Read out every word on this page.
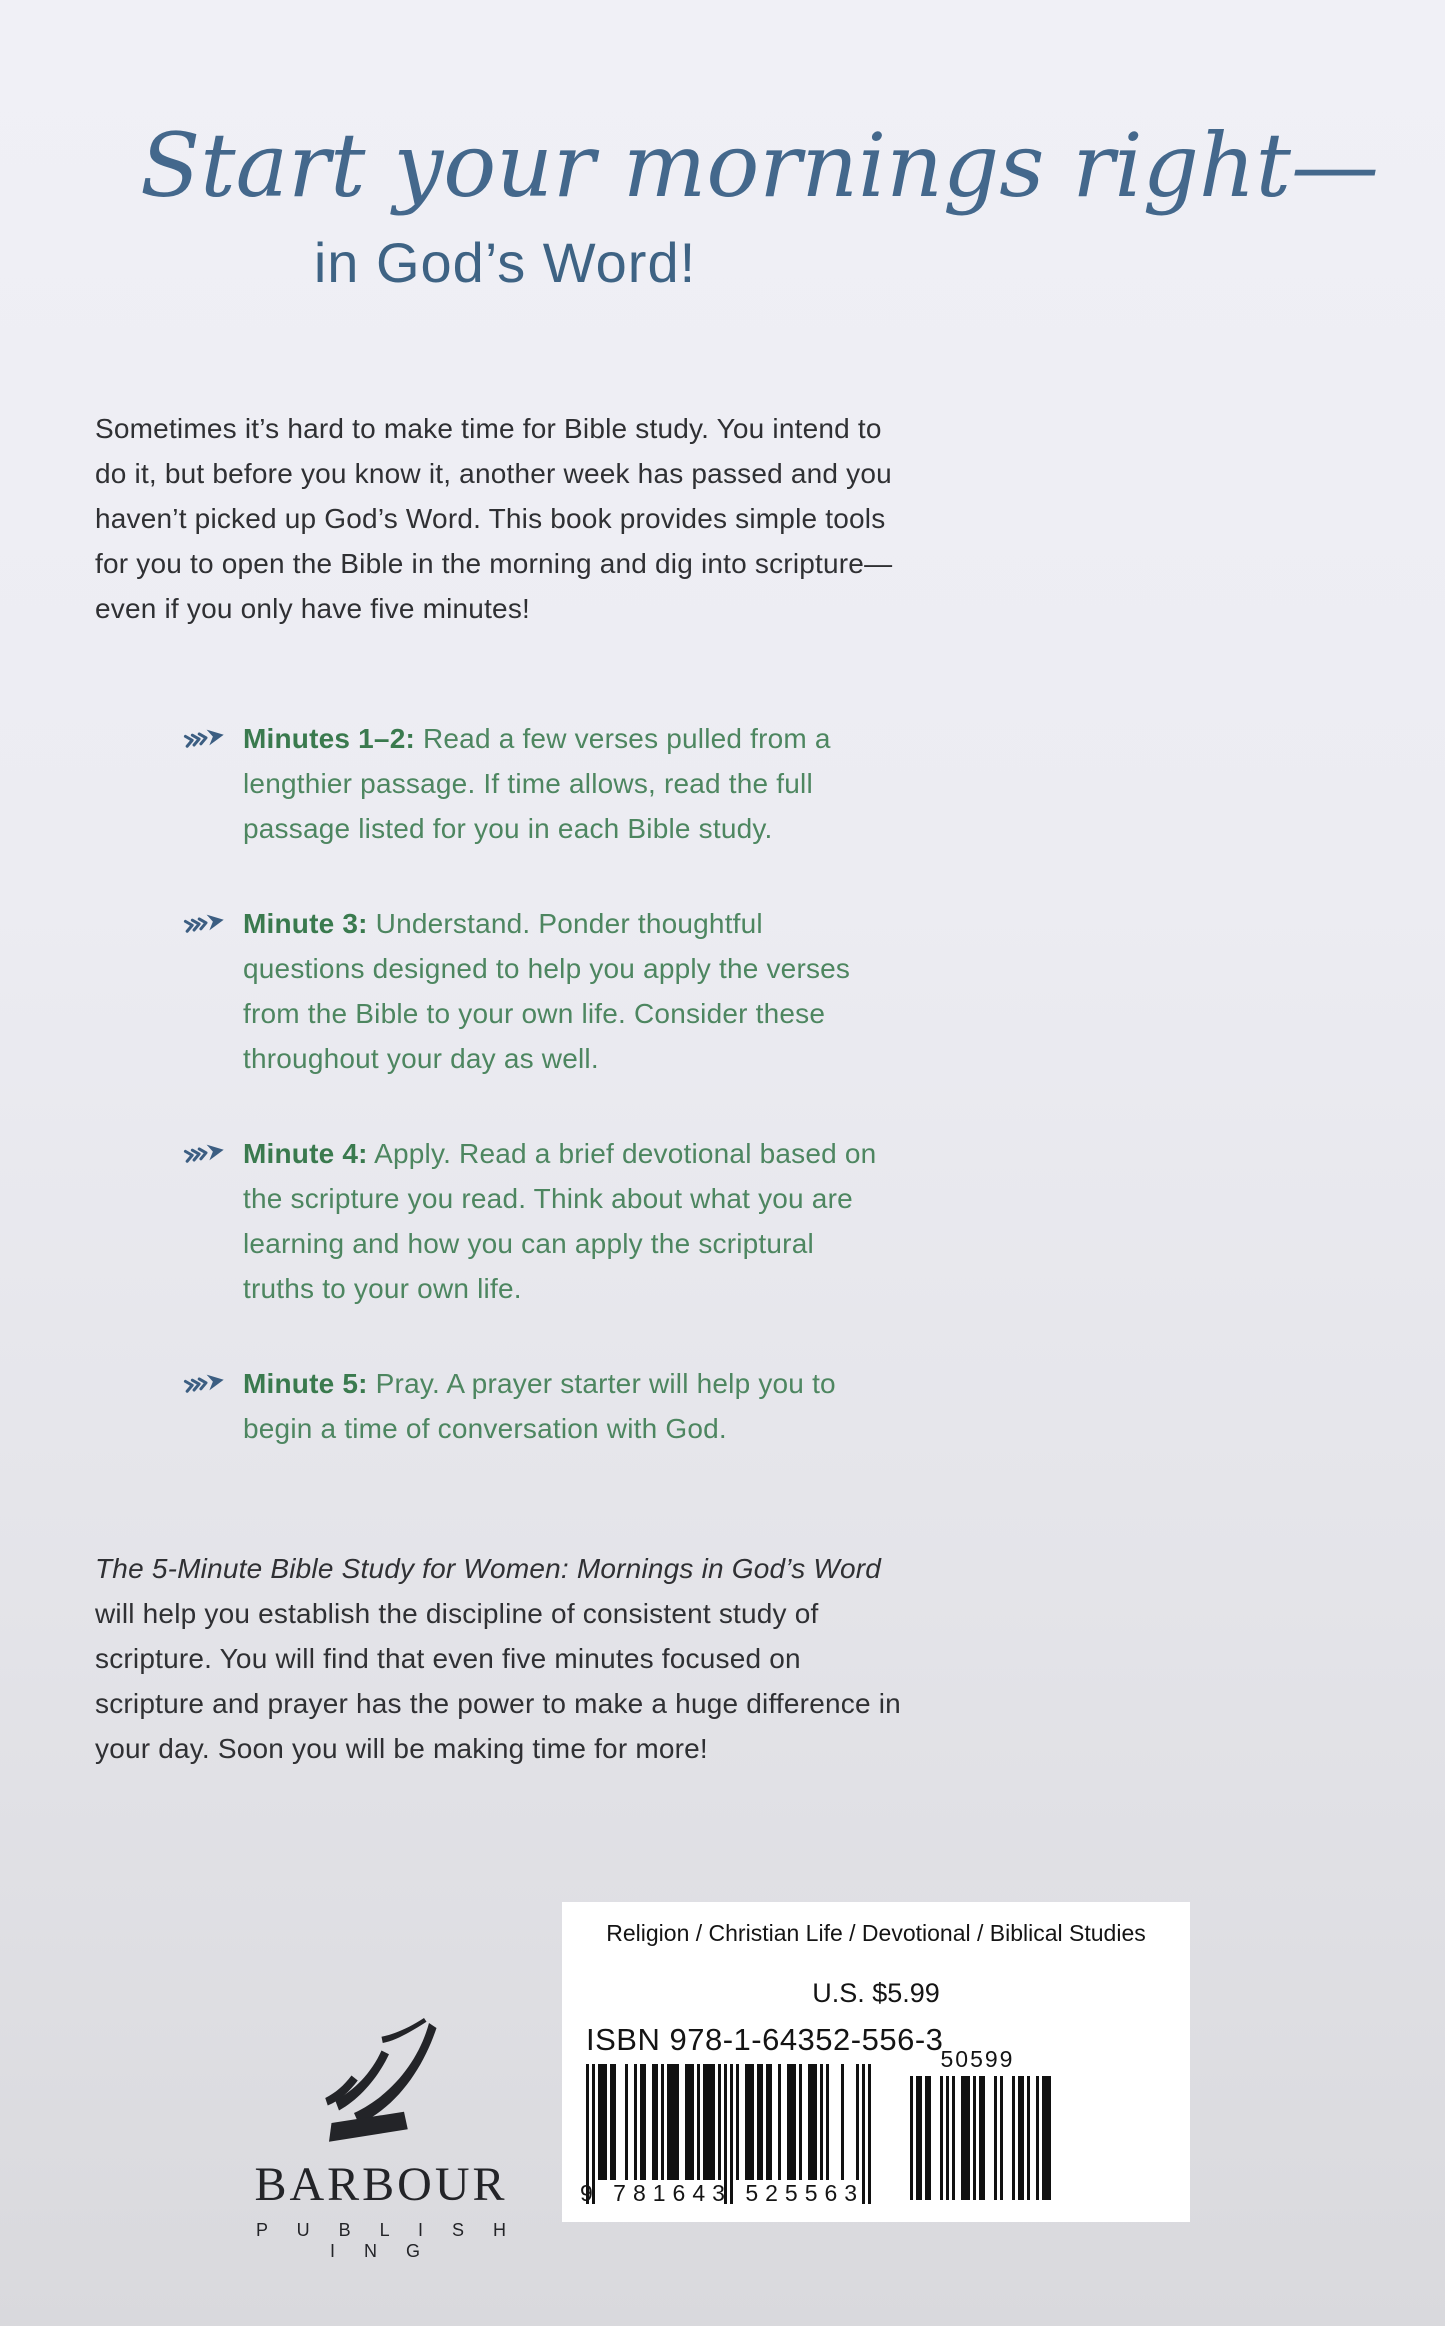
Start your mornings right—
in God’s Word!

Sometimes it’s hard to make time for Bible study. You intend to do it, but before you know it, another week has passed and you haven’t picked up God’s Word. This book provides simple tools for you to open the Bible in the morning and dig into scripture—even if you only have five minutes!

Minutes 1–2: Read a few verses pulled from a lengthier passage. If time allows, read the full passage listed for you in each Bible study.
Minute 3: Understand. Ponder thoughtful questions designed to help you apply the verses from the Bible to your own life. Consider these throughout your day as well.
Minute 4: Apply. Read a brief devotional based on the scripture you read. Think about what you are learning and how you can apply the scriptural truths to your own life.
Minute 5: Pray. A prayer starter will help you to begin a time of conversation with God.

The 5-Minute Bible Study for Women: Mornings in God’s Word will help you establish the discipline of consistent study of scripture. You will find that even five minutes focused on scripture and prayer has the power to make a huge difference in your day. Soon you will be making time for more!

BARBOUR
P U B L I S H I N G
Religion / Christian Life / Devotional / Biblical Studies
U.S. $5.99
ISBN 978-1-64352-556-3
9 781643 525563
50599
